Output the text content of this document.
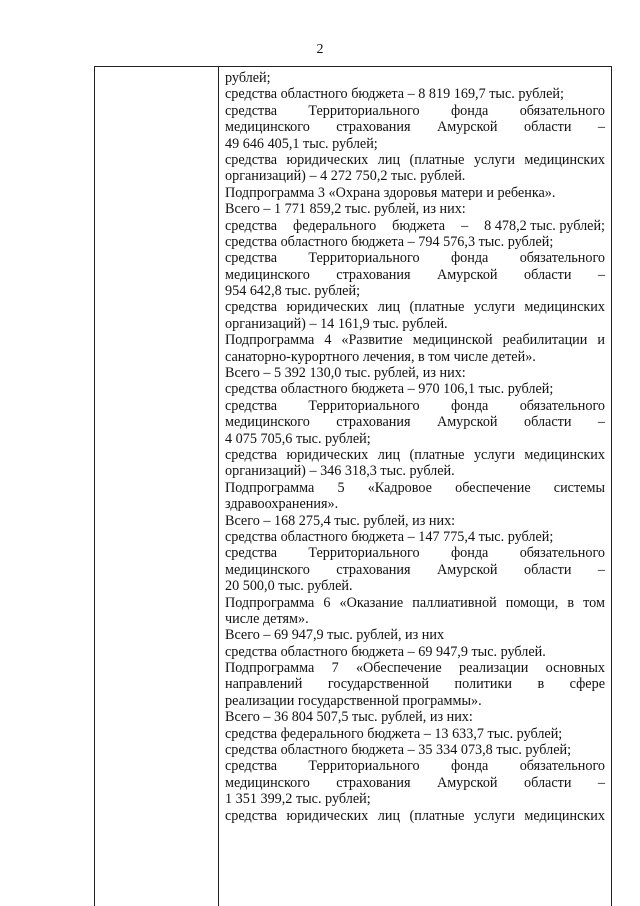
2
рублей;
средства областного бюджета – 8 819 169,7 тыс. рублей;
средства Территориального фонда обязательного
медицинского страхования Амурской области –
49 646 405,1 тыс. рублей;
средства юридических лиц (платные услуги медицинских
организаций) – 4 272 750,2 тыс. рублей.
Подпрограмма 3 «Охрана здоровья матери и ребенка».
Всего – 1 771 859,2 тыс. рублей, из них:
средства федерального бюджета – 8 478,2 тыс. рублей;
средства областного бюджета – 794 576,3 тыс. рублей;
средства Территориального фонда обязательного
медицинского страхования Амурской области –
954 642,8 тыс. рублей;
средства юридических лиц (платные услуги медицинских
организаций) – 14 161,9 тыс. рублей.
Подпрограмма 4 «Развитие медицинской реабилитации и
санаторно-курортного лечения, в том числе детей».
Всего – 5 392 130,0 тыс. рублей, из них:
средства областного бюджета – 970 106,1 тыс. рублей;
средства Территориального фонда обязательного
медицинского страхования Амурской области –
4 075 705,6 тыс. рублей;
средства юридических лиц (платные услуги медицинских
организаций) – 346 318,3 тыс. рублей.
Подпрограмма 5 «Кадровое обеспечение системы
здравоохранения».
Всего – 168 275,4 тыс. рублей, из них:
средства областного бюджета – 147 775,4 тыс. рублей;
средства Территориального фонда обязательного
медицинского страхования Амурской области –
20 500,0 тыс. рублей.
Подпрограмма 6 «Оказание паллиативной помощи, в том
числе детям».
Всего – 69 947,9 тыс. рублей, из них
средства областного бюджета – 69 947,9 тыс. рублей.
Подпрограмма 7 «Обеспечение реализации основных
направлений государственной политики в сфере
реализации государственной программы».
Всего – 36 804 507,5 тыс. рублей, из них:
средства федерального бюджета – 13 633,7 тыс. рублей;
средства областного бюджета – 35 334 073,8 тыс. рублей;
средства Территориального фонда обязательного
медицинского страхования Амурской области –
1 351 399,2 тыс. рублей;
средства юридических лиц (платные услуги медицинских
